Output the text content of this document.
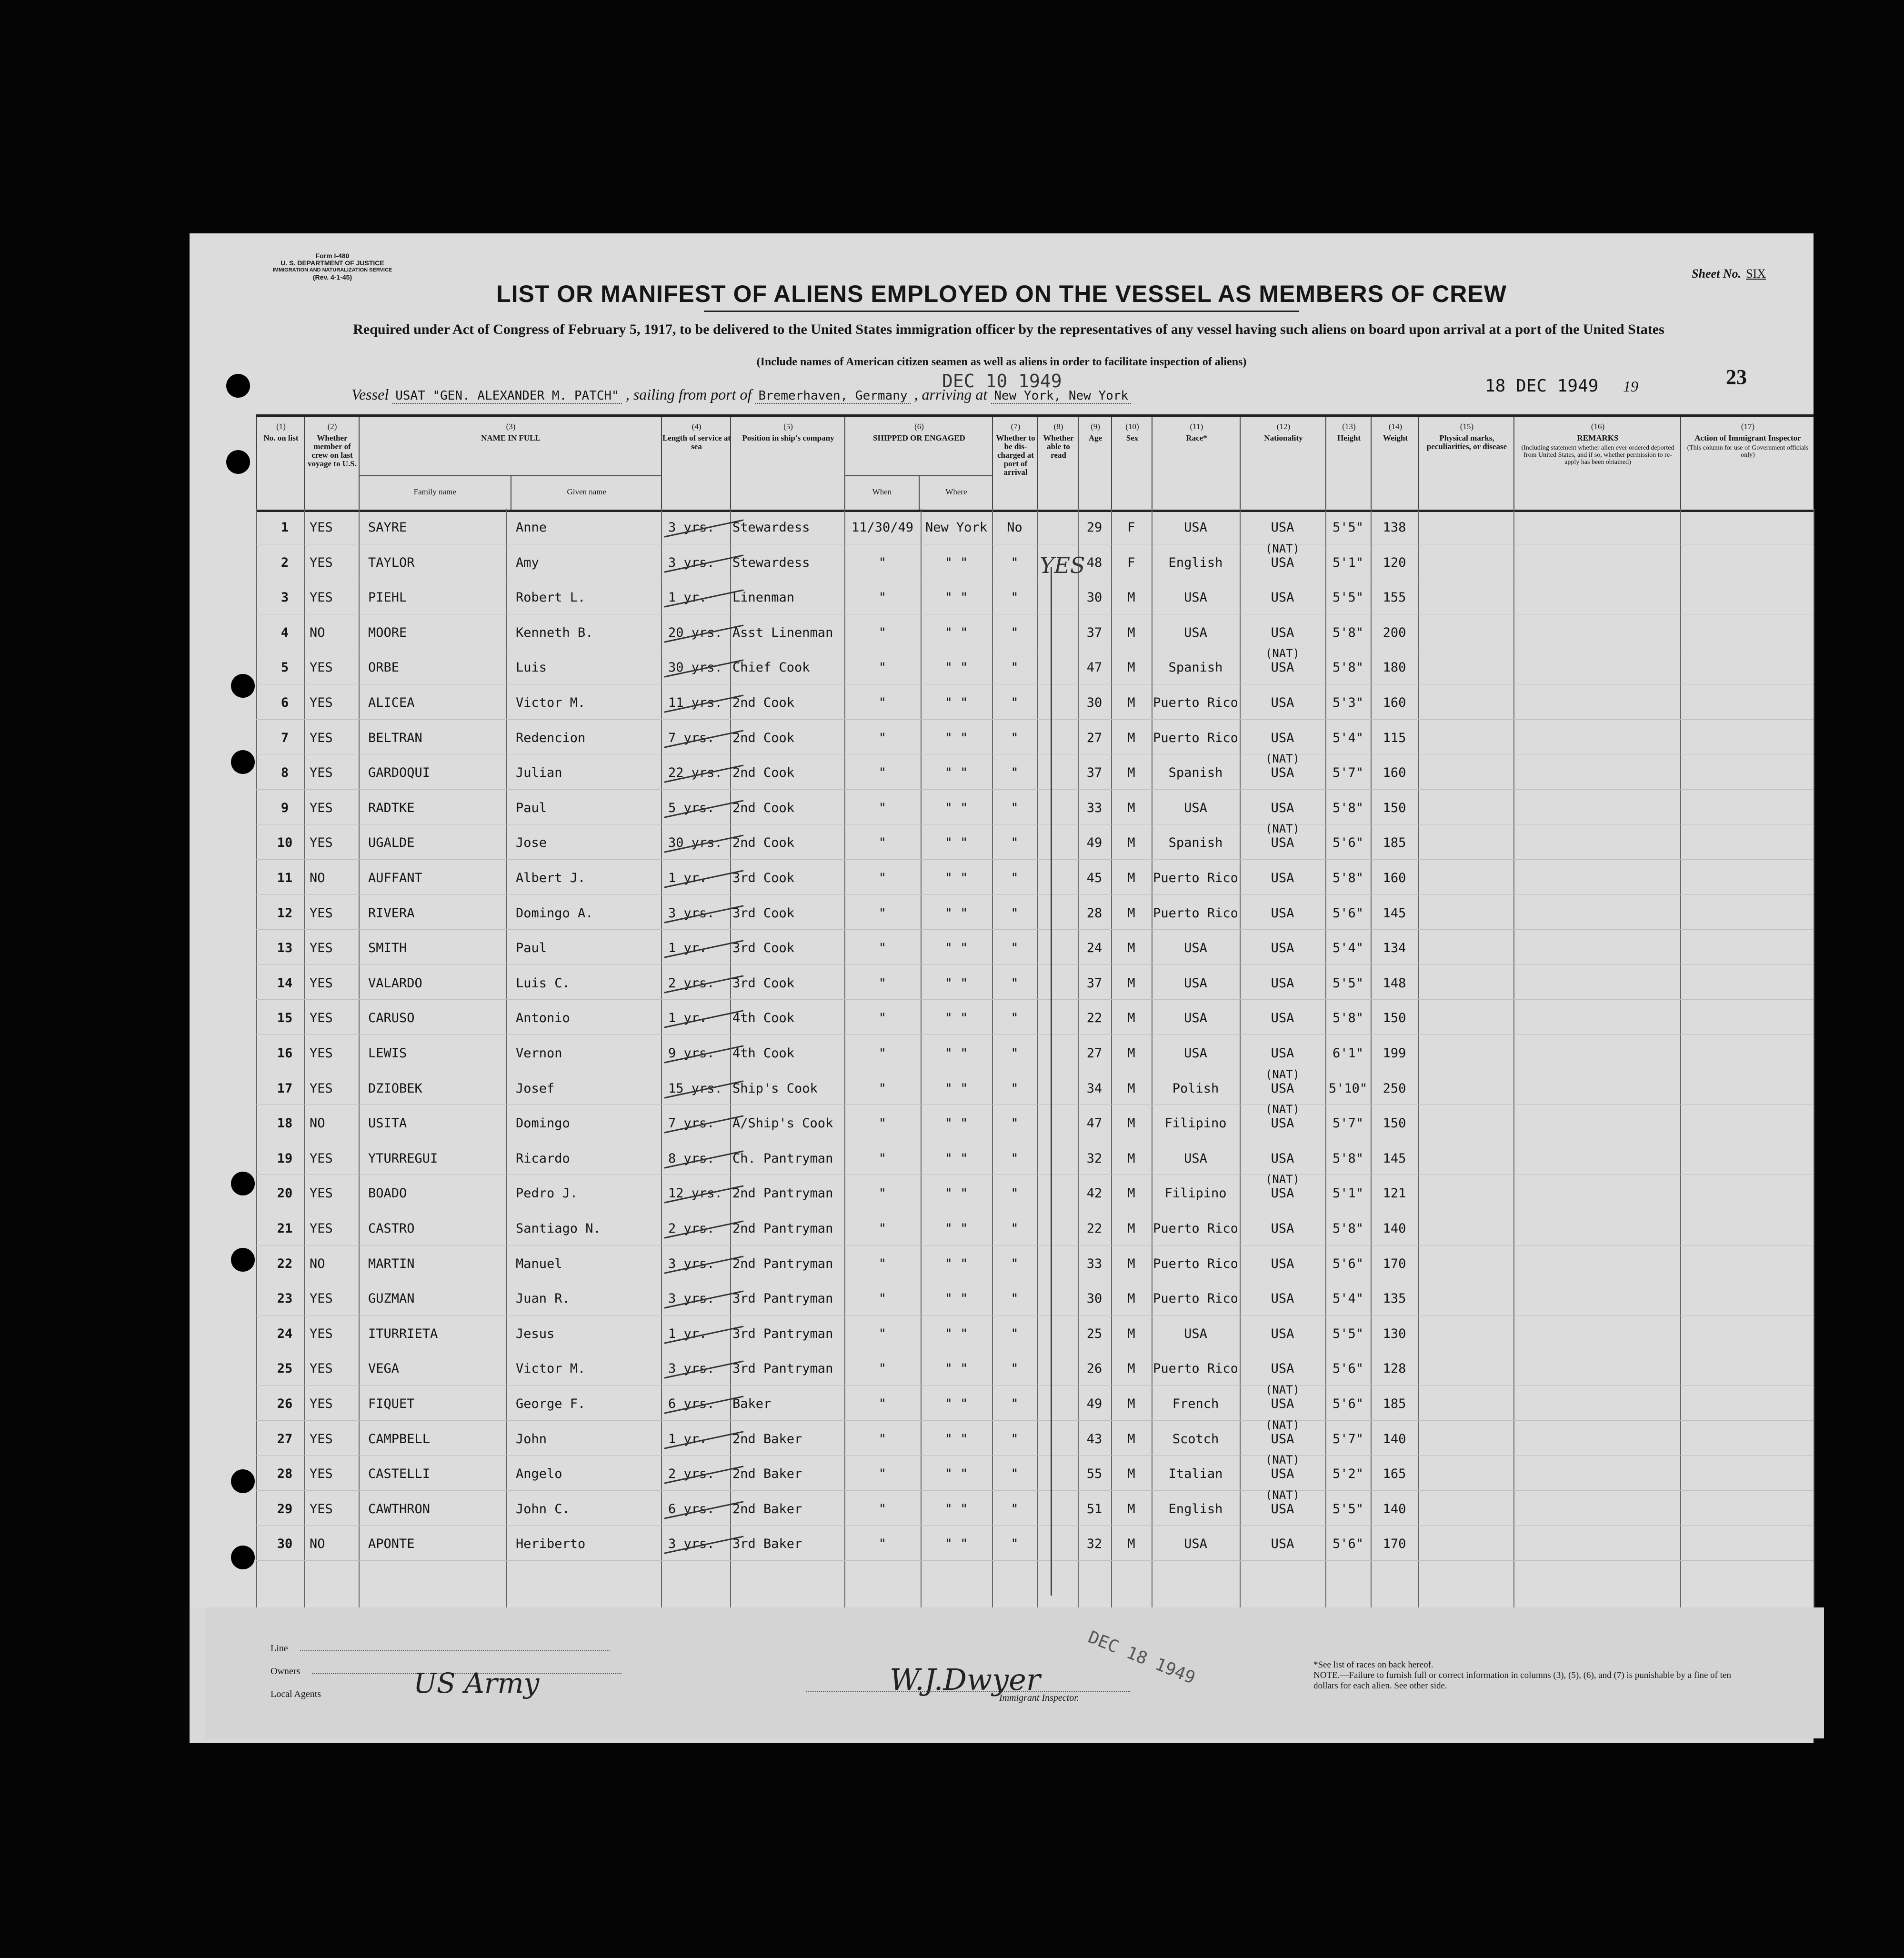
Form I-480
U. S. DEPARTMENT OF JUSTICE
IMMIGRATION AND NATURALIZATION SERVICE
(Rev. 4-1-45)	Sheet No. SIX
LIST OR MANIFEST OF ALIENS EMPLOYED ON THE VESSEL AS MEMBERS OF CREW
Required under Act of Congress of February 5, 1917, to be delivered to the United States immigration officer by the representatives of any vessel having such aliens on board upon arrival at a port of the United States
(Include names of American citizen seamen as well as aliens in order to facilitate inspection of aliens)
23
DEC 10 1949
Vessel USAT "GEN. ALEXANDER M. PATCH" , sailing from port of Bremerhaven, Germany , arriving at New York, New York	18 DEC 1949 19
(1)
No. on list
(2)
Whether member of crew on last voyage to U.S.
(3)
NAME IN FULL
Family name	Given name
(4)
Length of service at sea
(5)
Position in ship's company
(6)
SHIPPED OR ENGAGED
When	Where
(7)
Whether to be dis-charged at port of arrival
(8)
Whether able to read
(9)
Age
(10)
Sex
(11)
Race*
(12)
Nationality
(13)
Height
(14)
Weight
(15)
Physical marks, peculiarities, or disease
(16)
REMARKS
(Including statement whether alien ever ordered deported from United States, and if so, whether permission to re-apply has been obtained)
(17)
Action of Immigrant Inspector
(This column for use of Government officials only)
1	YES	SAYRE	Anne	3 yrs. Stewardess	11/30/49 New York	No	29	F	USA	USA	5'5"	138
2	YES	TAYLOR	Amy	3 yrs. Stewardess	"	" "	"	48	F	English	USA	5'1"	120
(NAT)
3	YES	PIEHL	Robert L.	1 yr. Linenman	"	" "	"	30	M	USA	USA	5'5"	155
4	NO	MOORE	Kenneth B.	20 yrs. Asst Linenman	"	" "	"	37	M	USA	USA	5'8"	200
5	YES	ORBE	Luis	30 yrs. Chief Cook	"	" "	"	47	M	Spanish	USA	5'8"	180
(NAT)
6	YES	ALICEA	Victor M.	11 yrs. 2nd Cook	"	" "	"	30	M	Puerto Rico	USA	5'3"	160
7	YES	BELTRAN	Redencion	7 yrs. 2nd Cook	"	" "	"	27	M	Puerto Rico	USA	5'4"	115
8	YES	GARDOQUI	Julian	22 yrs. 2nd Cook	"	" "	"	37	M	Spanish	USA	5'7"	160
(NAT)
9	YES	RADTKE	Paul	5 yrs. 2nd Cook	"	" "	"	33	M	USA	USA	5'8"	150
10	YES	UGALDE	Jose	30 yrs. 2nd Cook	"	" "	"	49	M	Spanish	USA	5'6"	185
(NAT)
11	NO	AUFFANT	Albert J.	1 yr. 3rd Cook	"	" "	"	45	M	Puerto Rico	USA	5'8"	160
12	YES	RIVERA	Domingo A.	3 yrs. 3rd Cook	"	" "	"	28	M	Puerto Rico	USA	5'6"	145
13	YES	SMITH	Paul	1 yr. 3rd Cook	"	" "	"	24	M	USA	USA	5'4"	134
14	YES	VALARDO	Luis C.	2 yrs. 3rd Cook	"	" "	"	37	M	USA	USA	5'5"	148
15	YES	CARUSO	Antonio	1 yr. 4th Cook	"	" "	"	22	M	USA	USA	5'8"	150
16	YES	LEWIS	Vernon	9 yrs. 4th Cook	"	" "	"	27	M	USA	USA	6'1"	199
17	YES	DZIOBEK	Josef	15 yrs. Ship's Cook	"	" "	"	34	M	Polish	USA	5'10"	250
(NAT)
18	NO	USITA	Domingo	7 yrs. A/Ship's Cook	"	" "	"	47	M	Filipino	USA	5'7"	150
(NAT)
19	YES	YTURREGUI	Ricardo	8 yrs. Ch. Pantryman	"	" "	"	32	M	USA	USA	5'8"	145
20	YES	BOADO	Pedro J.	12 yrs. 2nd Pantryman	"	" "	"	42	M	Filipino	USA	5'1"	121
(NAT)
21	YES	CASTRO	Santiago N.	2 yrs. 2nd Pantryman	"	" "	"	22	M	Puerto Rico	USA	5'8"	140
22	NO	MARTIN	Manuel	3 yrs. 2nd Pantryman	"	" "	"	33	M	Puerto Rico	USA	5'6"	170
23	YES	GUZMAN	Juan R.	3 yrs. 3rd Pantryman	"	" "	"	30	M	Puerto Rico	USA	5'4"	135
24	YES	ITURRIETA	Jesus	1 yr. 3rd Pantryman	"	" "	"	25	M	USA	USA	5'5"	130
25	YES	VEGA	Victor M.	3 yrs. 3rd Pantryman	"	" "	"	26	M	Puerto Rico	USA	5'6"	128
26	YES	FIQUET	George F.	6 yrs. Baker	"	" "	"	49	M	French	USA	5'6"	185
(NAT)
27	YES	CAMPBELL	John	1 yr. 2nd Baker	"	" "	"	43	M	Scotch	USA	5'7"	140
(NAT)
28	YES	CASTELLI	Angelo	2 yrs. 2nd Baker	"	" "	"	55	M	Italian	USA	5'2"	165
(NAT)
29	YES	CAWTHRON	John C.	6 yrs. 2nd Baker	"	" "	"	51	M	English	USA	5'5"	140
(NAT)
30	NO	APONTE	Heriberto	3 yrs. 3rd Baker	"	" "	"	32	M	USA	USA	5'6"	170
YES
Line
Owners
Local Agents	US Army	W.J.Dwyer
Immigrant Inspector.
DEC 18 1949	*See list of races on back hereof.
NOTE.—Failure to furnish full or correct information in columns (3), (5), (6), and (7) is punishable by a fine of ten dollars for each alien. See other side.
